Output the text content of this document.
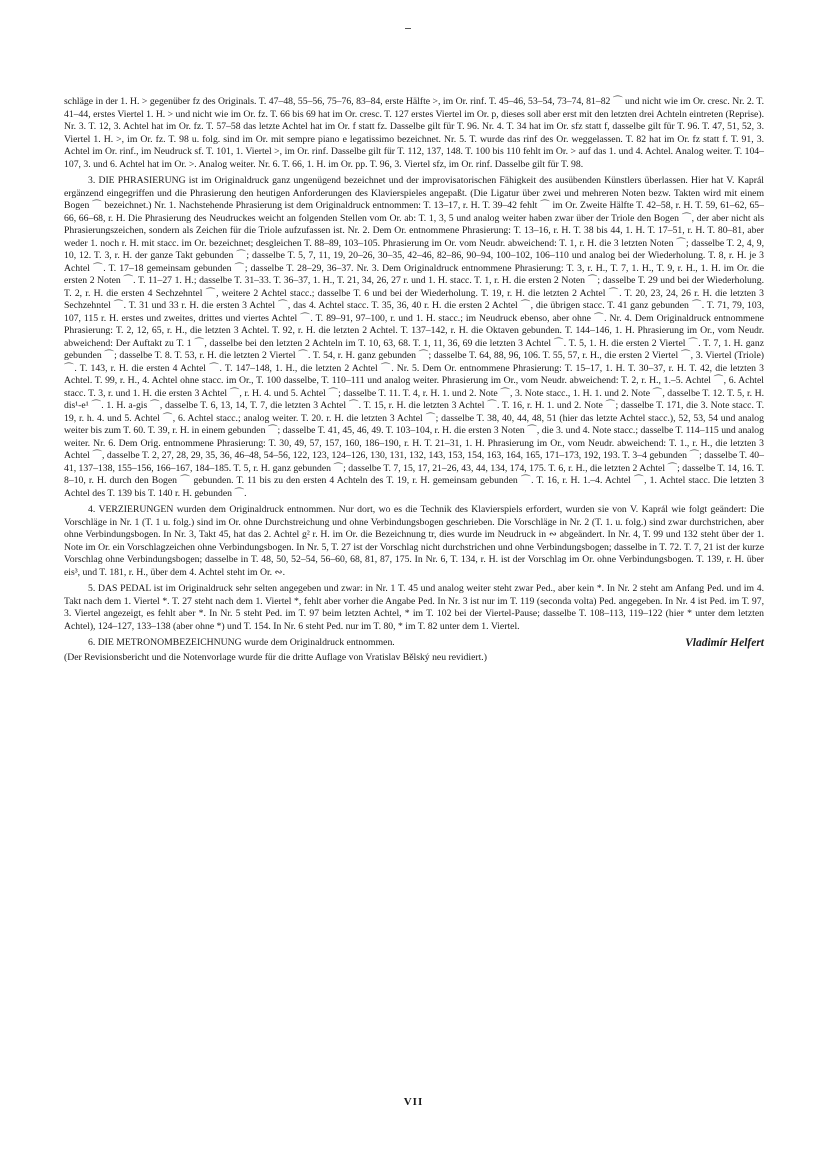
schläge in der 1. H. > gegenüber fz des Originals. T. 47–48, 55–56, 75–76, 83–84, erste Hälfte >, im Or. rinf. T. 45–46, 53–54, 73–74, 81–82 ⌒ und nicht wie im Or. cresc. Nr. 2. T. 41–44, erstes Viertel 1. H. > und nicht wie im Or. fz. T. 66 bis 69 hat im Or. cresc. T. 127 erstes Viertel im Or. p, dieses soll aber erst mit den letzten drei Achteln eintreten (Reprise). Nr. 3. T. 12, 3. Achtel hat im Or. fz. T. 57–58 das letzte Achtel hat im Or. f statt fz. Dasselbe gilt für T. 96. Nr. 4. T. 34 hat im Or. sfz statt f, dasselbe gilt für T. 96. T. 47, 51, 52, 3. Viertel 1. H. >, im Or. fz. T. 98 u. folg. sind im Or. mit sempre piano e legatissimo bezeichnet. Nr. 5. T. wurde das rinf des Or. weggelassen. T. 82 hat im Or. fz statt f. T. 91, 3. Achtel im Or. rinf., im Neudruck sf. T. 101, 1. Viertel >, im Or. rinf. Dasselbe gilt für T. 112, 137, 148. T. 100 bis 110 fehlt im Or. > auf das 1. und 4. Achtel. Analog weiter. T. 104–107, 3. und 6. Achtel hat im Or. >. Analog weiter. Nr. 6. T. 66, 1. H. im Or. pp. T. 96, 3. Viertel sfz, im Or. rinf. Dasselbe gilt für T. 98.

3. DIE PHRASIERUNG ist im Originaldruck ganz ungenügend bezeichnet und der improvisatorischen Fähigkeit des ausübenden Künstlers überlassen. Hier hat V. Kaprál ergänzend eingegriffen und die Phrasierung den heutigen Anforderungen des Klavierspieles angepaßt. (Die Ligatur über zwei und mehreren Noten bezw. Takten wird mit einem Bogen ⌒ bezeichnet.) Nr. 1. Nachstehende Phrasierung ist dem Originaldruck entnommen: T. 13–17, r. H. T. 39–42 fehlt ⌒ im Or. Zweite Hälfte T. 42–58, r. H. T. 59, 61–62, 65–66, 66–68, r. H. Die Phrasierung des Neudruckes weicht an folgenden Stellen vom Or. ab: T. 1, 3, 5 und analog weiter haben zwar über der Triole den Bogen ⌒, der aber nicht als Phrasierungszeichen, sondern als Zeichen für die Triole aufzufassen ist. Nr. 2. Dem Or. entnommene Phrasierung: T. 13–16, r. H. T. 38 bis 44, 1. H. T. 17–51, r. H. T. 80–81, aber weder 1. noch r. H. mit stacc. im Or. bezeichnet; desgleichen T. 88–89, 103–105. Phrasierung im Or. vom Neudr. abweichend: T. 1, r. H. die 3 letzten Noten ⌒; dasselbe T. 2, 4, 9, 10, 12. T. 3, r. H. der ganze Takt gebunden ⌒; dasselbe T. 5, 7, 11, 19, 20–26, 30–35, 42–46, 82–86, 90–94, 100–102, 106–110 und analog bei der Wiederholung. T. 8, r. H. je 3 Achtel ⌒. T. 17–18 gemeinsam gebunden ⌒; dasselbe T. 28–29, 36–37. Nr. 3. Dem Originaldruck entnommene Phrasierung: T. 3, r. H., T. 7, 1. H., T. 9, r. H., 1. H. im Or. die ersten 2 Noten ⌒. T. 11–27 1. H.; dasselbe T. 31–33. T. 36–37, 1. H., T. 21, 34, 26, 27 r. und 1. H. stacc. T. 1, r. H. die ersten 2 Noten ⌒; dasselbe T. 29 und bei der Wiederholung. T. 2, r. H. die ersten 4 Sechzehntel ⌒, weitere 2 Achtel stacc.; dasselbe T. 6 und bei der Wiederholung. T. 19, r. H. die letzten 2 Achtel ⌒. T. 20, 23, 24, 26 r. H. die letzten 3 Sechzehntel ⌒. T. 31 und 33 r. H. die ersten 3 Achtel ⌒, das 4. Achtel stacc. T. 35, 36, 40 r. H. die ersten 2 Achtel ⌒, die übrigen stacc. T. 41 ganz gebunden ⌒. T. 71, 79, 103, 107, 115 r. H. erstes und zweites, drittes und viertes Achtel ⌒. T. 89–91, 97–100, r. und 1. H. stacc.; im Neudruck ebenso, aber ohne ⌒. Nr. 4. Dem Originaldruck entnommene Phrasierung: T. 2, 12, 65, r. H., die letzten 3 Achtel. T. 92, r. H. die letzten 2 Achtel. T. 137–142, r. H. die Oktaven gebunden. T. 144–146, 1. H. Phrasierung im Or., vom Neudr. abweichend: Der Auftakt zu T. 1 ⌒, dasselbe bei den letzten 2 Achteln im T. 10, 63, 68. T. 1, 11, 36, 69 die letzten 3 Achtel ⌒. T. 5, 1. H. die ersten 2 Viertel ⌒. T. 7, 1. H. ganz gebunden ⌒; dasselbe T. 8. T. 53, r. H. die letzten 2 Viertel ⌒. T. 54, r. H. ganz gebunden ⌒; dasselbe T. 64, 88, 96, 106. T. 55, 57, r. H., die ersten 2 Viertel ⌒, 3. Viertel (Triole) ⌒. T. 143, r. H. die ersten 4 Achtel ⌒. T. 147–148, 1. H., die letzten 2 Achtel ⌒. Nr. 5. Dem Or. entnommene Phrasierung: T. 15–17, 1. H. T. 30–37, r. H. T. 42, die letzten 3 Achtel. T. 99, r. H., 4. Achtel ohne stacc. im Or., T. 100 dasselbe, T. 110–111 und analog weiter. Phrasierung im Or., vom Neudr. abweichend: T. 2, r. H., 1.–5. Achtel ⌒, 6. Achtel stacc. T. 3, r. und 1. H. die ersten 3 Achtel ⌒, r. H. 4. und 5. Achtel ⌒; dasselbe T. 11. T. 4, r. H. 1. und 2. Note ⌒, 3. Note stacc., 1. H. 1. und 2. Note ⌒, dasselbe T. 12. T. 5, r. H. dis¹-e¹ ⌒. 1. H. a-gis ⌒, dasselbe T. 6, 13, 14, T. 7, die letzten 3 Achtel ⌒. T. 15, r. H. die letzten 3 Achtel ⌒. T. 16, r. H. 1. und 2. Note ⌒; dasselbe T. 171, die 3. Note stacc. T. 19, r. h. 4. und 5. Achtel ⌒, 6. Achtel stacc.; analog weiter. T. 20. r. H. die letzten 3 Achtel ⌒; dasselbe T. 38, 40, 44, 48, 51 (hier das letzte Achtel stacc.), 52, 53, 54 und analog weiter bis zum T. 60. T. 39, r. H. in einem gebunden ⌒; dasselbe T. 41, 45, 46, 49. T. 103–104, r. H. die ersten 3 Noten ⌒, die 3. und 4. Note stacc.; dasselbe T. 114–115 und analog weiter. Nr. 6. Dem Orig. entnommene Phrasierung: T. 30, 49, 57, 157, 160, 186–190, r. H. T. 21–31, 1. H. Phrasierung im Or., vom Neudr. abweichend: T. 1., r. H., die letzten 3 Achtel ⌒, dasselbe T. 2, 27, 28, 29, 35, 36, 46–48, 54–56, 122, 123, 124–126, 130, 131, 132, 143, 153, 154, 163, 164, 165, 171–173, 192, 193. T. 3–4 gebunden ⌒; dasselbe T. 40–41, 137–138, 155–156, 166–167, 184–185. T. 5, r. H. ganz gebunden ⌒; dasselbe T. 7, 15, 17, 21–26, 43, 44, 134, 174, 175. T. 6, r. H., die letzten 2 Achtel ⌒; dasselbe T. 14, 16. T. 8–10, r. H. durch den Bogen ⌒ gebunden. T. 11 bis zu den ersten 4 Achteln des T. 19, r. H. gemeinsam gebunden ⌒. T. 16, r. H. 1.–4. Achtel ⌒, 1. Achtel stacc. Die letzten 3 Achtel des T. 139 bis T. 140 r. H. gebunden ⌒.

4. VERZIERUNGEN wurden dem Originaldruck entnommen. Nur dort, wo es die Technik des Klavierspiels erfordert, wurden sie von V. Kaprál wie folgt geändert: Die Vorschläge in Nr. 1 (T. 1 u. folg.) sind im Or. ohne Durchstreichung und ohne Verbindungsbogen geschrieben. Die Vorschläge in Nr. 2 (T. 1. u. folg.) sind zwar durchstrichen, aber ohne Verbindungsbogen. In Nr. 3, Takt 45, hat das 2. Achtel g² r. H. im Or. die Bezeichnung tr, dies wurde im Neudruck in ∾ abgeändert. In Nr. 4, T. 99 und 132 steht über der 1. Note im Or. ein Vorschlagzeichen ohne Verbindungsbogen. In Nr. 5, T. 27 ist der Vorschlag nicht durchstrichen und ohne Verbindungsbogen; dasselbe in T. 72. T. 7, 21 ist der kurze Vorschlag ohne Verbindungsbogen; dasselbe in T. 48, 50, 52–54, 56–60, 68, 81, 87, 175. In Nr. 6, T. 134, r. H. ist der Vorschlag im Or. ohne Verbindungsbogen. T. 139, r. H. über eis³, und T. 181, r. H., über dem 4. Achtel steht im Or. ∾.

5. DAS PEDAL ist im Originaldruck sehr selten angegeben und zwar: in Nr. 1 T. 45 und analog weiter steht zwar Ped., aber kein *. In Nr. 2 steht am Anfang Ped. und im 4. Takt nach dem 1. Viertel *. T. 27 steht nach dem 1. Viertel *, fehlt aber vorher die Angabe Ped. In Nr. 3 ist nur im T. 119 (seconda volta) Ped. angegeben. In Nr. 4 ist Ped. im T. 97, 3. Viertel angezeigt, es fehlt aber *. In Nr. 5 steht Ped. im T. 97 beim letzten Achtel, * im T. 102 bei der Viertel-Pause; dasselbe T. 108–113, 119–122 (hier * unter dem letzten Achtel), 124–127, 133–138 (aber ohne *) und T. 154. In Nr. 6 steht Ped. nur im T. 80, * im T. 82 unter dem 1. Viertel.

6. DIE METRONOMBEZEICHNUNG wurde dem Originaldruck entnommen.	Vladimír Helfert

(Der Revisionsbericht und die Notenvorlage wurde für die dritte Auflage von Vratislav Bělský neu revidiert.)

VII
